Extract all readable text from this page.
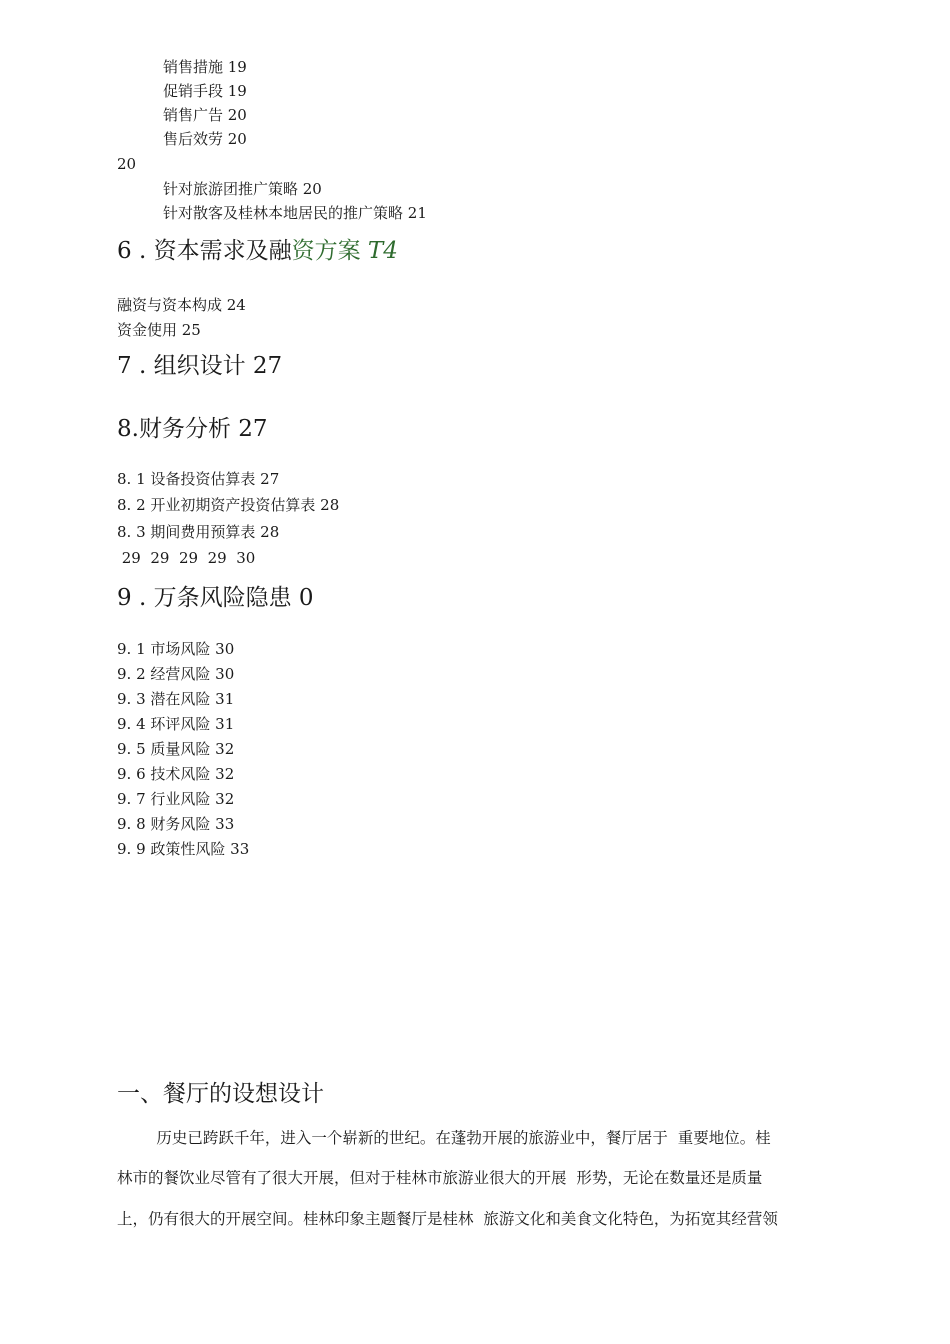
销售措施 19
促销手段 19
销售广告 20
售后效劳 20
20
针对旅游团推广策略 20
针对散客及桂林本地居民的推广策略 21
6 . 资本需求及融资方案 T4
融资与资本构成 24
资金使用 25
7 . 组织设计 27
8.财务分析 27
8. 1 设备投资估算表 27
8. 2 开业初期资产投资估算表 28
8. 3 期间费用预算表 28
29  29  29  29  30
9 . 万条风险隐患 0
9. 1 市场风险 30
9. 2 经营风险 30
9. 3 潜在风险 31
9. 4 环评风险 31
9. 5 质量风险 32
9. 6 技术风险 32
9. 7 行业风险 32
9. 8 财务风险 33
9. 9 政策性风险 33
一、餐厅的设想设计
历史已跨跃千年，进入一个崭新的世纪。在蓬勃开展的旅游业中，餐厅居于  重要地位。桂
林市的餐饮业尽管有了很大开展，但对于桂林市旅游业很大的开展  形势，无论在数量还是质量
上，仍有很大的开展空间。桂林印象主题餐厅是桂林  旅游文化和美食文化特色，为拓宽其经营领
